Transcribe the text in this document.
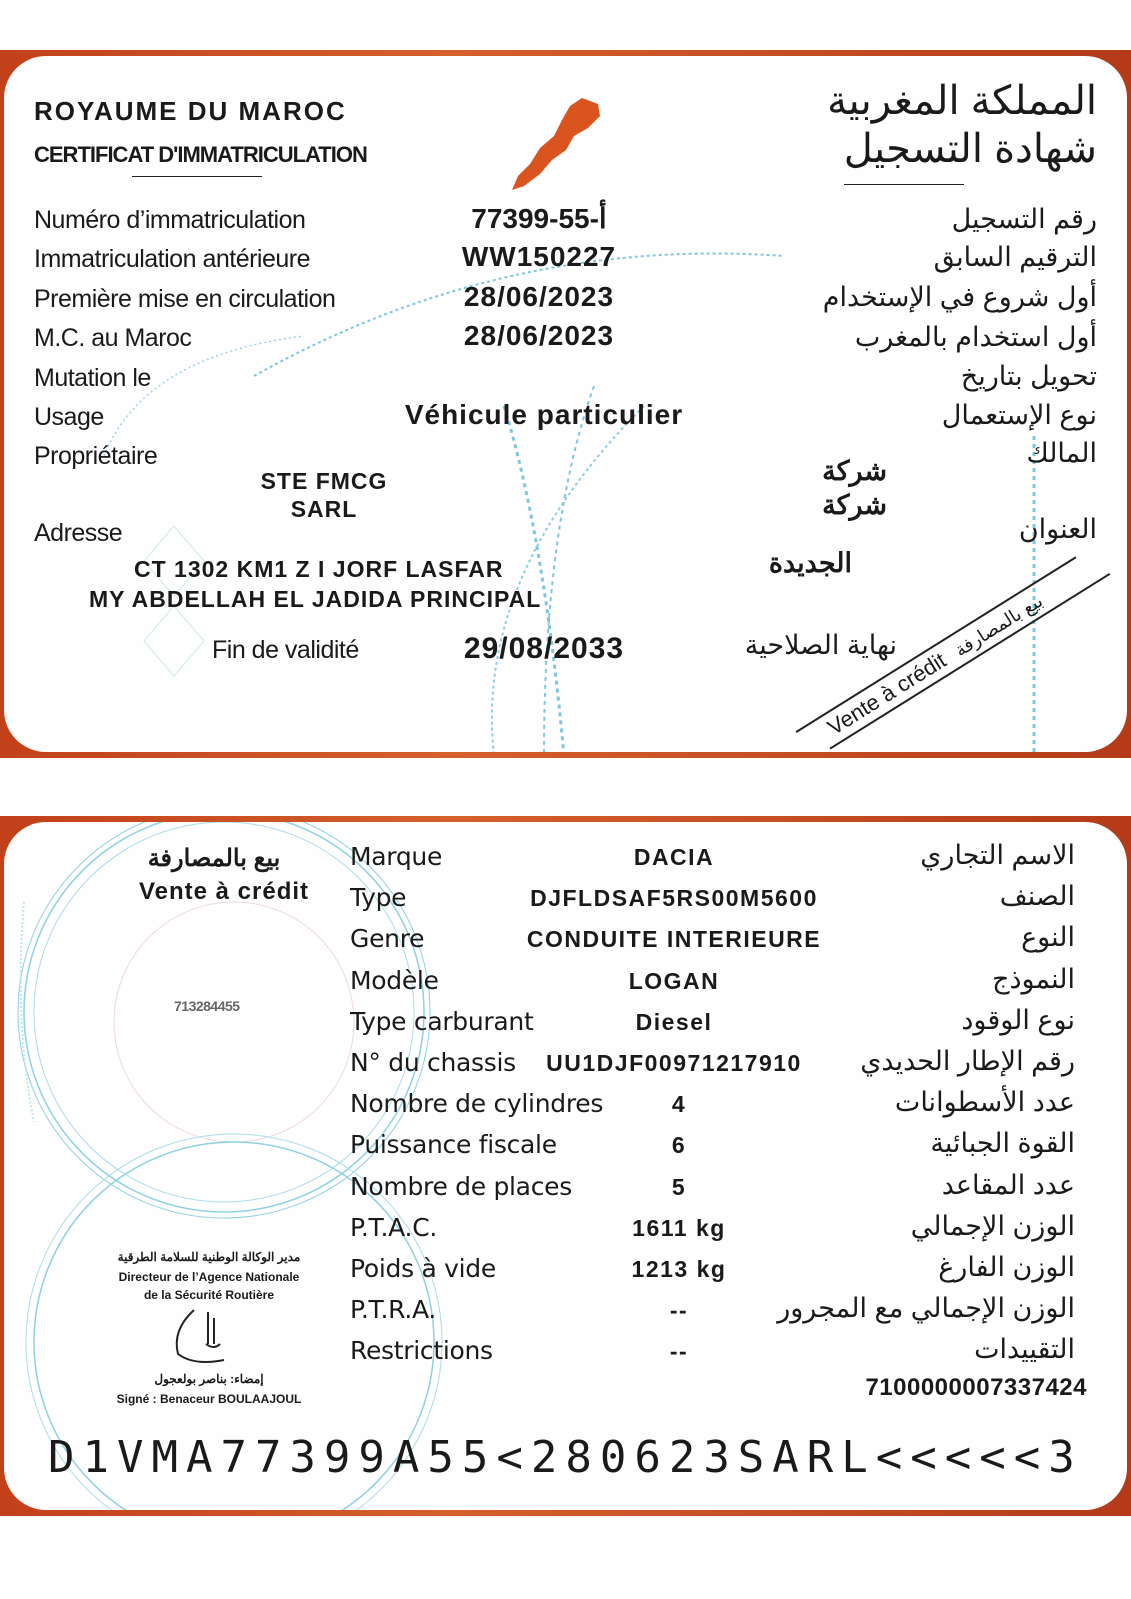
ROYAUME DU MAROC
CERTIFICAT D'IMMATRICULATION
المملكة المغربية
شهادة التسجيل
Numéro d’immatriculation	77399-أ-55	رقم التسجيل
Immatriculation antérieure	WW150227	الترقيم السابق
Première mise en circulation	28/06/2023	أول شروع في الإستخدام
M.C. au Maroc	28/06/2023	أول استخدام بالمغرب
Mutation le	تحويل بتاريخ
Usage	Véhicule particulier	نوع الإستعمال
Propriétaire	المالك
STE FMCG
SARL
شركة
شركة
Adresse	العنوان
CT 1302 KM1 Z I JORF LASFAR
MY ABDELLAH EL JADIDA PRINCIPAL
الجديدة
Fin de validité	29/08/2033	نهاية الصلاحية
Vente à crédit بيع بالمصارفة
بيع بالمصارفة
Vente à crédit
713284455
Marque	DACIA	الاسم التجاري
Type	DJFLDSAF5RS00M5600	الصنف
Genre	CONDUITE INTERIEURE	النوع
Modèle	LOGAN	النموذج
Type carburant	Diesel	نوع الوقود
N° du chassis	UU1DJF00971217910	رقم الإطار الحديدي
Nombre de cylindres	4	عدد الأسطوانات
Puissance fiscale	6	القوة الجبائية
Nombre de places	5	عدد المقاعد
P.T.A.C.	1611 kg	الوزن الإجمالي
Poids à vide	1213 kg	الوزن الفارغ
P.T.R.A.	--	الوزن الإجمالي مع المجرور
Restrictions	--	التقييدات
مدير الوكالة الوطنية للسلامة الطرقية
Directeur de l’Agence Nationale
de la Sécurité Routière
إمضاء: بناصر بولعجول
Signé : Benaceur BOULAAJOUL	7100000007337424
D1VMA77399A55<280623SARL<<<<<3
